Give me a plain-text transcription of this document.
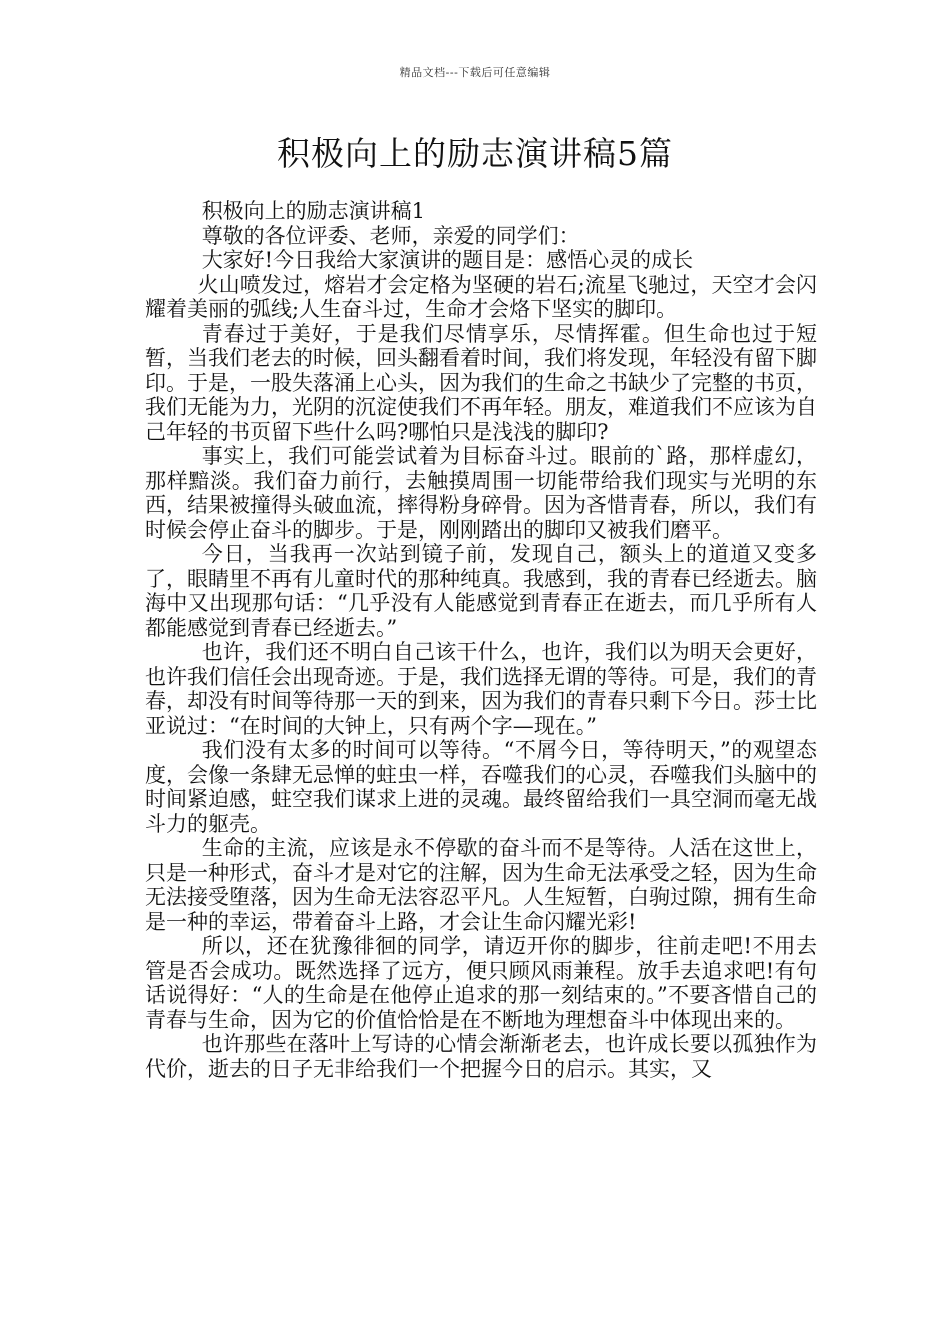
精品文档---下载后可任意编辑
积极向上的励志演讲稿5篇

积极向上的励志演讲稿1

尊敬的各位评委、老师，亲爱的同学们：

大家好!今日我给大家演讲的题目是：感悟心灵的成长

火山喷发过，熔岩才会定格为坚硬的岩石;流星飞驰过，天空才会闪耀着美丽的弧线;人生奋斗过，生命才会烙下坚实的脚印。

青春过于美好，于是我们尽情享乐，尽情挥霍。但生命也过于短暂，当我们老去的时候，回头翻看着时间，我们将发现，年轻没有留下脚印。于是，一股失落涌上心头，因为我们的生命之书缺少了完整的书页，我们无能为力，光阴的沉淀使我们不再年轻。朋友，难道我们不应该为自己年轻的书页留下些什么吗?哪怕只是浅浅的脚印?

事实上，我们可能尝试着为目标奋斗过。眼前的`路，那样虚幻，那样黯淡。我们奋力前行，去触摸周围一切能带给我们现实与光明的东西，结果被撞得头破血流，摔得粉身碎骨。因为吝惜青春，所以，我们有时候会停止奋斗的脚步。于是，刚刚踏出的脚印又被我们磨平。

今日，当我再一次站到镜子前，发现自己，额头上的道道又变多了，眼睛里不再有儿童时代的那种纯真。我感到，我的青春已经逝去。脑海中又出现那句话：“几乎没有人能感觉到青春正在逝去，而几乎所有人都能感觉到青春已经逝去。”

也许，我们还不明白自己该干什么，也许，我们以为明天会更好，也许我们信任会出现奇迹。于是，我们选择无谓的等待。可是，我们的青春，却没有时间等待那一天的到来，因为我们的青春只剩下今日。莎士比亚说过：“在时间的大钟上，只有两个字—现在。”

我们没有太多的时间可以等待。“不屑今日，等待明天，”的观望态度，会像一条肆无忌惮的蛀虫一样，吞噬我们的心灵，吞噬我们头脑中的时间紧迫感，蛀空我们谋求上进的灵魂。最终留给我们一具空洞而毫无战斗力的躯壳。

生命的主流，应该是永不停歇的奋斗而不是等待。人活在这世上，只是一种形式，奋斗才是对它的注解，因为生命无法承受之轻，因为生命无法接受堕落，因为生命无法容忍平凡。人生短暂，白驹过隙，拥有生命是一种的幸运，带着奋斗上路，才会让生命闪耀光彩!

所以，还在犹豫徘徊的同学，请迈开你的脚步，往前走吧!不用去管是否会成功。既然选择了远方，便只顾风雨兼程。放手去追求吧!有句话说得好：“人的生命是在他停止追求的那一刻结束的。”不要吝惜自己的青春与生命，因为它的价值恰恰是在不断地为理想奋斗中体现出来的。

也许那些在落叶上写诗的心情会渐渐老去，也许成长要以孤独作为代价，逝去的日子无非给我们一个把握今日的启示。其实，又
